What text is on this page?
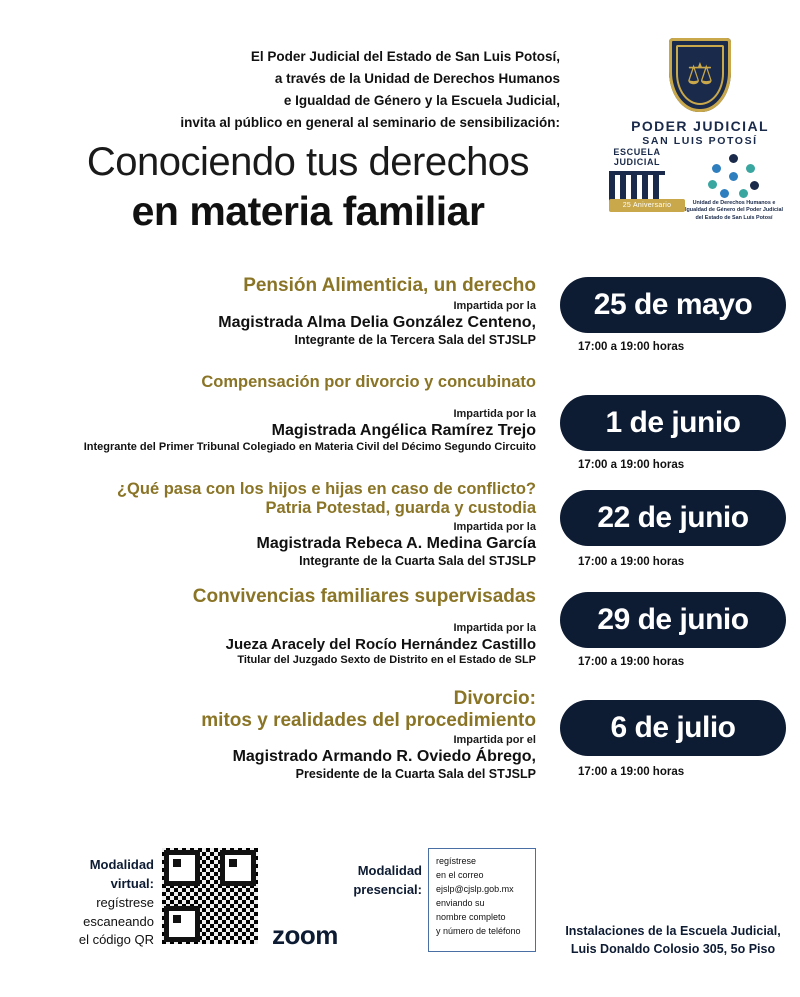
El Poder Judicial del Estado de San Luis Potosí,
a través de la Unidad de Derechos Humanos
e Igualdad de Género y la Escuela Judicial,
invita al público en general al seminario de sensibilización:
⚖
PODER JUDICIAL
SAN LUIS POTOSÍ
ESCUELA
JUDICIAL
25 Aniversario	Unidad de Derechos Humanos e Igualdad de Género del Poder Judicial del Estado de San Luis Potosí
Conociendo tus derechos
en materia familiar
Pensión Alimenticia, un derecho
Impartida por la
Magistrada Alma Delia González Centeno,
Integrante de la Tercera Sala del STJSLP
25 de mayo
17:00 a 19:00 horas
Compensación por divorcio y concubinato
Impartida por la
Magistrada Angélica Ramírez Trejo
Integrante del Primer Tribunal Colegiado en Materia Civil del Décimo Segundo Circuito
1 de junio
17:00 a 19:00 horas
¿Qué pasa con los hijos e hijas en caso de conflicto?
Patria Potestad, guarda y custodia
Impartida por la
Magistrada Rebeca A. Medina García
Integrante de la Cuarta Sala del STJSLP
22 de junio
17:00 a 19:00 horas
Convivencias familiares supervisadas
Impartida por la
Jueza Aracely del Rocío Hernández Castillo
Titular del Juzgado Sexto de Distrito en el Estado de SLP
29 de junio
17:00 a 19:00 horas
Divorcio:
mitos y realidades del procedimiento
Impartida por el
Magistrado Armando R. Oviedo Ábrego,
Presidente de la Cuarta Sala del STJSLP
6 de julio
17:00 a 19:00 horas
Modalidad
virtual:
regístrese
escaneando
el código QR	zoom
Modalidad
presencial:
regístrese
en el correo
ejslp@cjslp.gob.mx
enviando su
nombre completo
y número de teléfono	Instalaciones de la Escuela Judicial,
Luis Donaldo Colosio 305, 5o Piso
